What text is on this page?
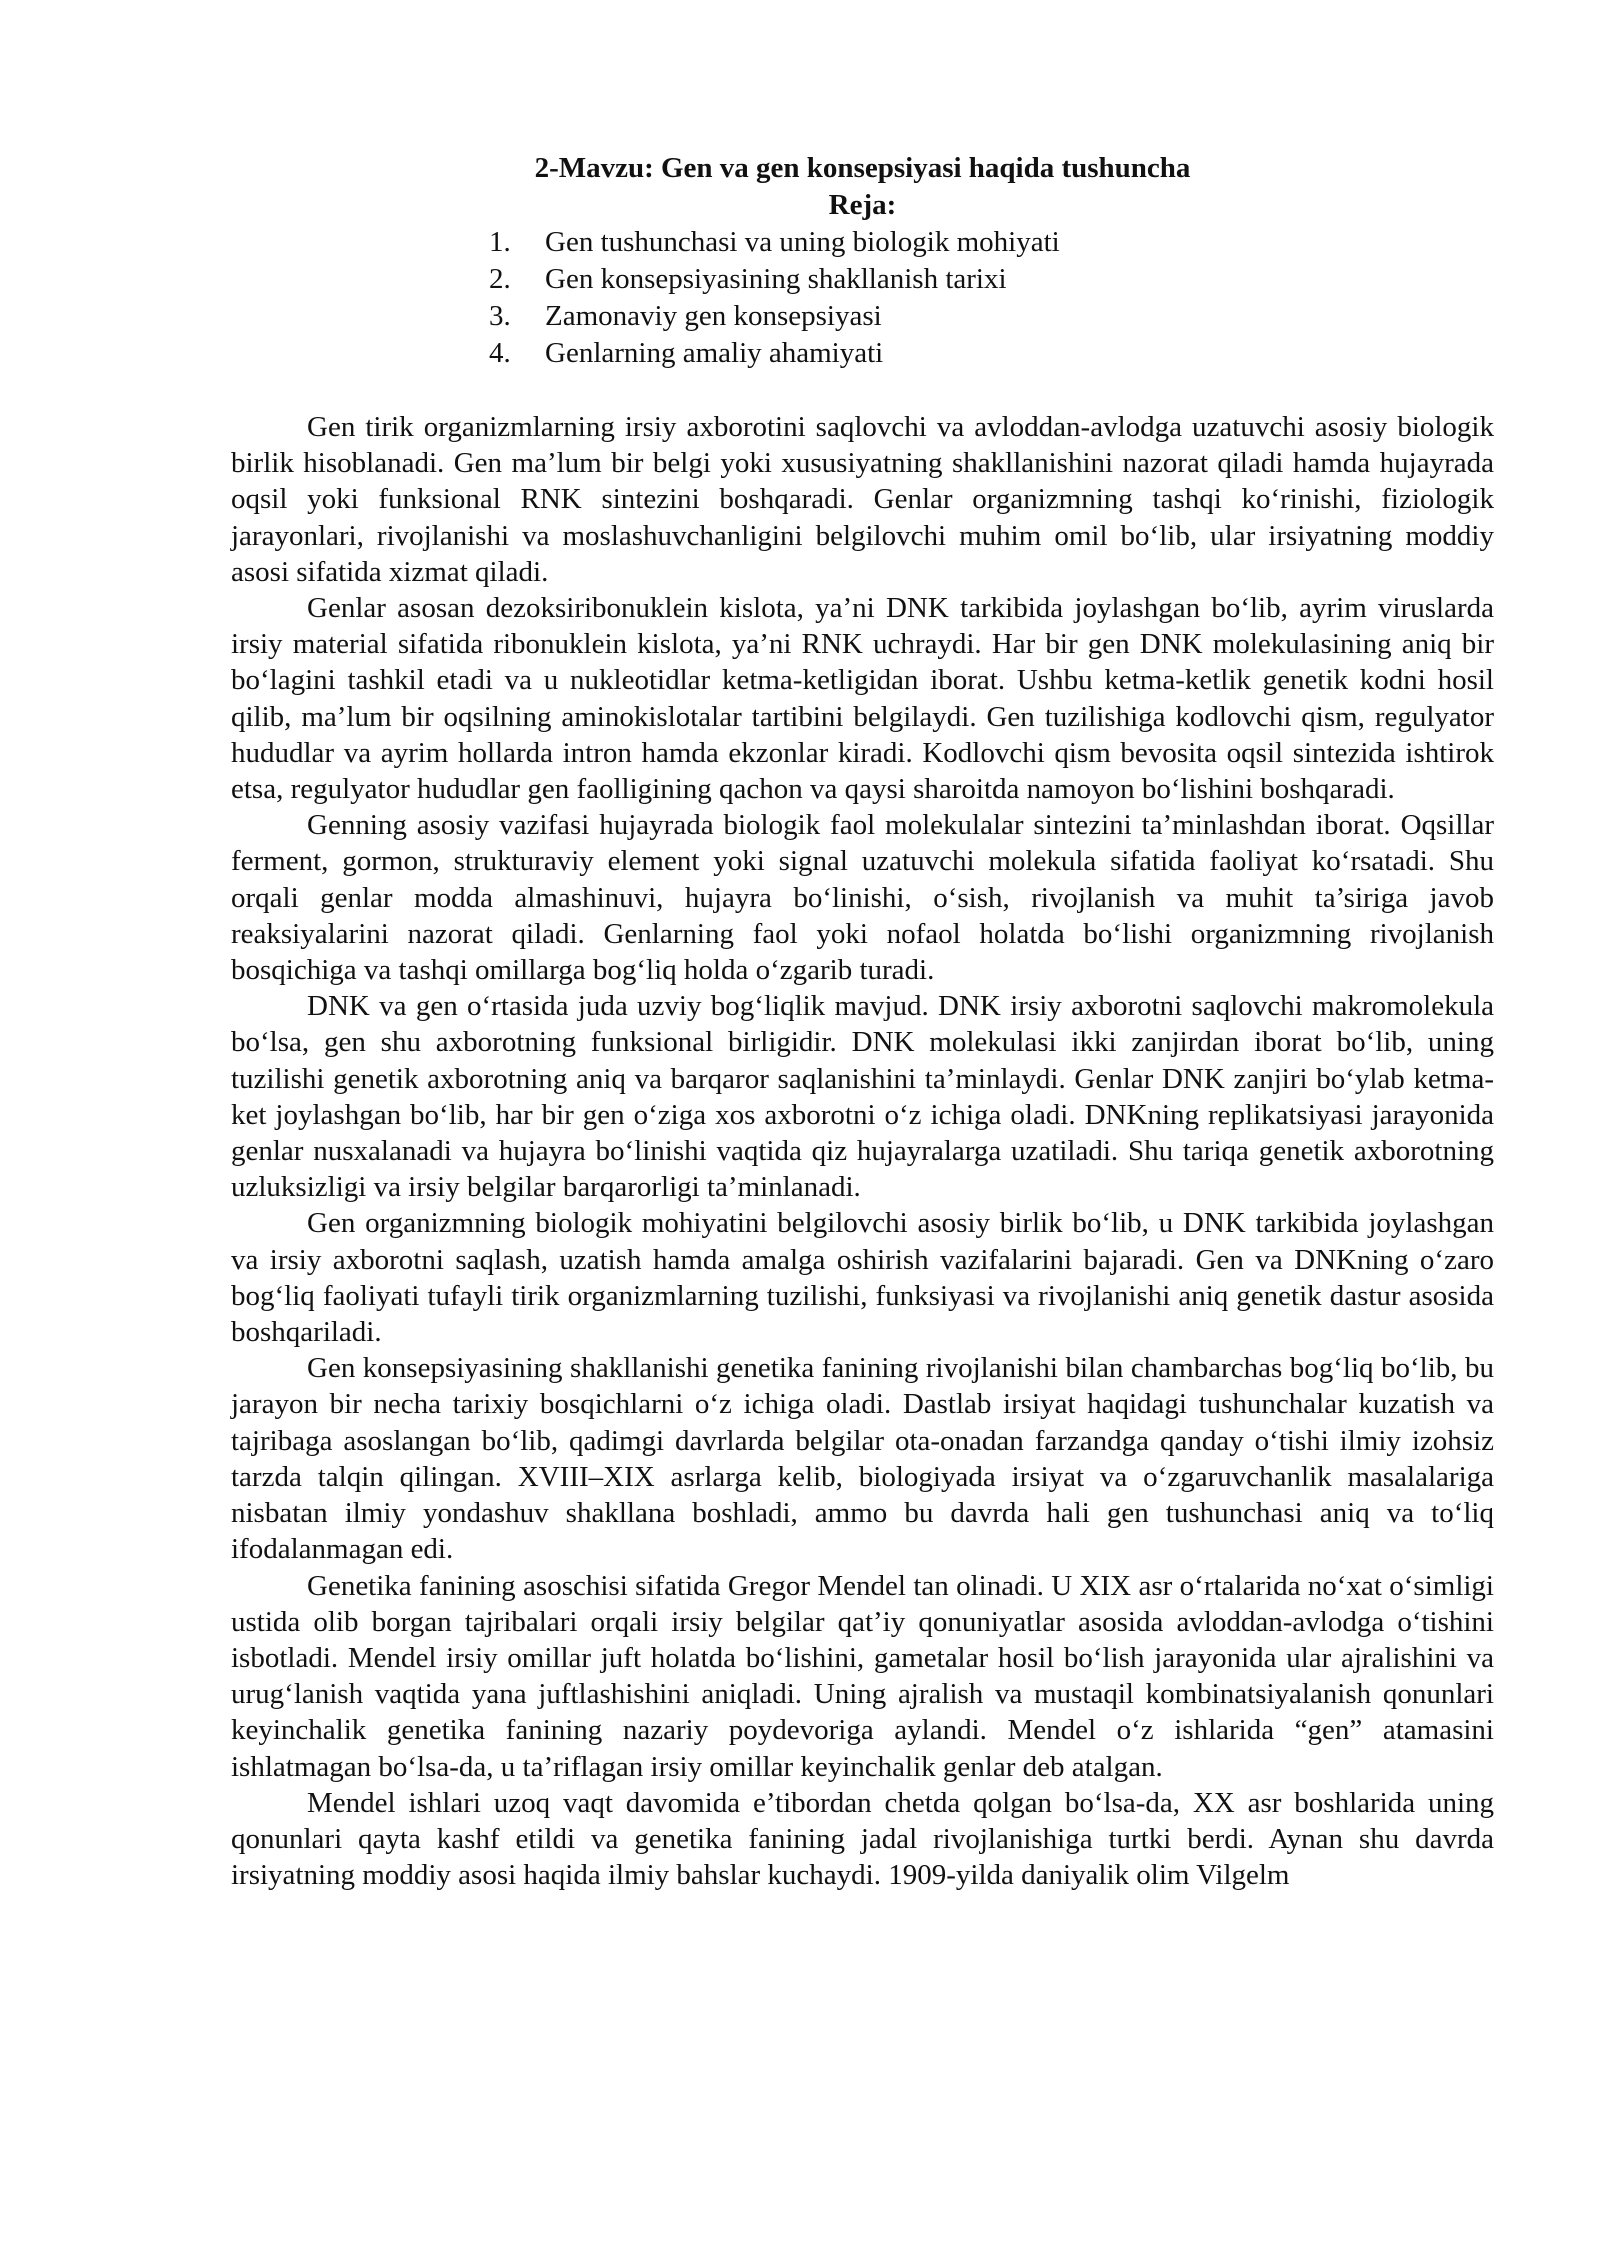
2-Mavzu: Gen va gen konsepsiyasi haqida tushuncha

Reja:

1.	Gen tushunchasi va uning biologik mohiyati
2.	Gen konsepsiyasining shakllanish tarixi
3.	Zamonaviy gen konsepsiyasi
4.	Genlarning amaliy ahamiyati

Gen tirik organizmlarning irsiy axborotini saqlovchi va avloddan-avlodga uzatuvchi asosiy biologik birlik hisoblanadi. Gen ma’lum bir belgi yoki xususiyatning shakllanishini nazorat qiladi hamda hujayrada oqsil yoki funksional RNK sintezini boshqaradi. Genlar organizmning tashqi ko‘rinishi, fiziologik jarayonlari, rivojlanishi va moslashuvchanligini belgilovchi muhim omil bo‘lib, ular irsiyatning moddiy asosi sifatida xizmat qiladi.

Genlar asosan dezoksiribonuklein kislota, ya’ni DNK tarkibida joylashgan bo‘lib, ayrim viruslarda irsiy material sifatida ribonuklein kislota, ya’ni RNK uchraydi. Har bir gen DNK molekulasining aniq bir bo‘lagini tashkil etadi va u nukleotidlar ketma-ketligidan iborat. Ushbu ketma-ketlik genetik kodni hosil qilib, ma’lum bir oqsilning aminokislotalar tartibini belgilaydi. Gen tuzilishiga kodlovchi qism, regulyator hududlar va ayrim hollarda intron hamda ekzonlar kiradi. Kodlovchi qism bevosita oqsil sintezida ishtirok etsa, regulyator hududlar gen faolligining qachon va qaysi sharoitda namoyon bo‘lishini boshqaradi.

Genning asosiy vazifasi hujayrada biologik faol molekulalar sintezini ta’minlashdan iborat. Oqsillar ferment, gormon, strukturaviy element yoki signal uzatuvchi molekula sifatida faoliyat ko‘rsatadi. Shu orqali genlar modda almashinuvi, hujayra bo‘linishi, o‘sish, rivojlanish va muhit ta’siriga javob reaksiyalarini nazorat qiladi. Genlarning faol yoki nofaol holatda bo‘lishi organizmning rivojlanish bosqichiga va tashqi omillarga bog‘liq holda o‘zgarib turadi.

DNK va gen o‘rtasida juda uzviy bog‘liqlik mavjud. DNK irsiy axborotni saqlovchi makromolekula bo‘lsa, gen shu axborotning funksional birligidir. DNK molekulasi ikki zanjirdan iborat bo‘lib, uning tuzilishi genetik axborotning aniq va barqaror saqlanishini ta’minlaydi. Genlar DNK zanjiri bo‘ylab ketma-ket joylashgan bo‘lib, har bir gen o‘ziga xos axborotni o‘z ichiga oladi. DNKning replikatsiyasi jarayonida genlar nusxalanadi va hujayra bo‘linishi vaqtida qiz hujayralarga uzatiladi. Shu tariqa genetik axborotning uzluksizligi va irsiy belgilar barqarorligi ta’minlanadi.

Gen organizmning biologik mohiyatini belgilovchi asosiy birlik bo‘lib, u DNK tarkibida joylashgan va irsiy axborotni saqlash, uzatish hamda amalga oshirish vazifalarini bajaradi. Gen va DNKning o‘zaro bog‘liq faoliyati tufayli tirik organizmlarning tuzilishi, funksiyasi va rivojlanishi aniq genetik dastur asosida boshqariladi.

Gen konsepsiyasining shakllanishi genetika fanining rivojlanishi bilan chambarchas bog‘liq bo‘lib, bu jarayon bir necha tarixiy bosqichlarni o‘z ichiga oladi. Dastlab irsiyat haqidagi tushunchalar kuzatish va tajribaga asoslangan bo‘lib, qadimgi davrlarda belgilar ota-onadan farzandga qanday o‘tishi ilmiy izohsiz tarzda talqin qilingan. XVIII–XIX asrlarga kelib, biologiyada irsiyat va o‘zgaruvchanlik masalalariga nisbatan ilmiy yondashuv shakllana boshladi, ammo bu davrda hali gen tushunchasi aniq va to‘liq ifodalanmagan edi.

Genetika fanining asoschisi sifatida Gregor Mendel tan olinadi. U XIX asr o‘rtalarida no‘xat o‘simligi ustida olib borgan tajribalari orqali irsiy belgilar qat’iy qonuniyatlar asosida avloddan-avlodga o‘tishini isbotladi. Mendel irsiy omillar juft holatda bo‘lishini, gametalar hosil bo‘lish jarayonida ular ajralishini va urug‘lanish vaqtida yana juftlashishini aniqladi. Uning ajralish va mustaqil kombinatsiyalanish qonunlari keyinchalik genetika fanining nazariy poydevoriga aylandi. Mendel o‘z ishlarida “gen” atamasini ishlatmagan bo‘lsa-da, u ta’riflagan irsiy omillar keyinchalik genlar deb atalgan.

Mendel ishlari uzoq vaqt davomida e’tibordan chetda qolgan bo‘lsa-da, XX asr boshlarida uning qonunlari qayta kashf etildi va genetika fanining jadal rivojlanishiga turtki berdi. Aynan shu davrda irsiyatning moddiy asosi haqida ilmiy bahslar kuchaydi. 1909-yilda daniyalik olim Vilgelm
